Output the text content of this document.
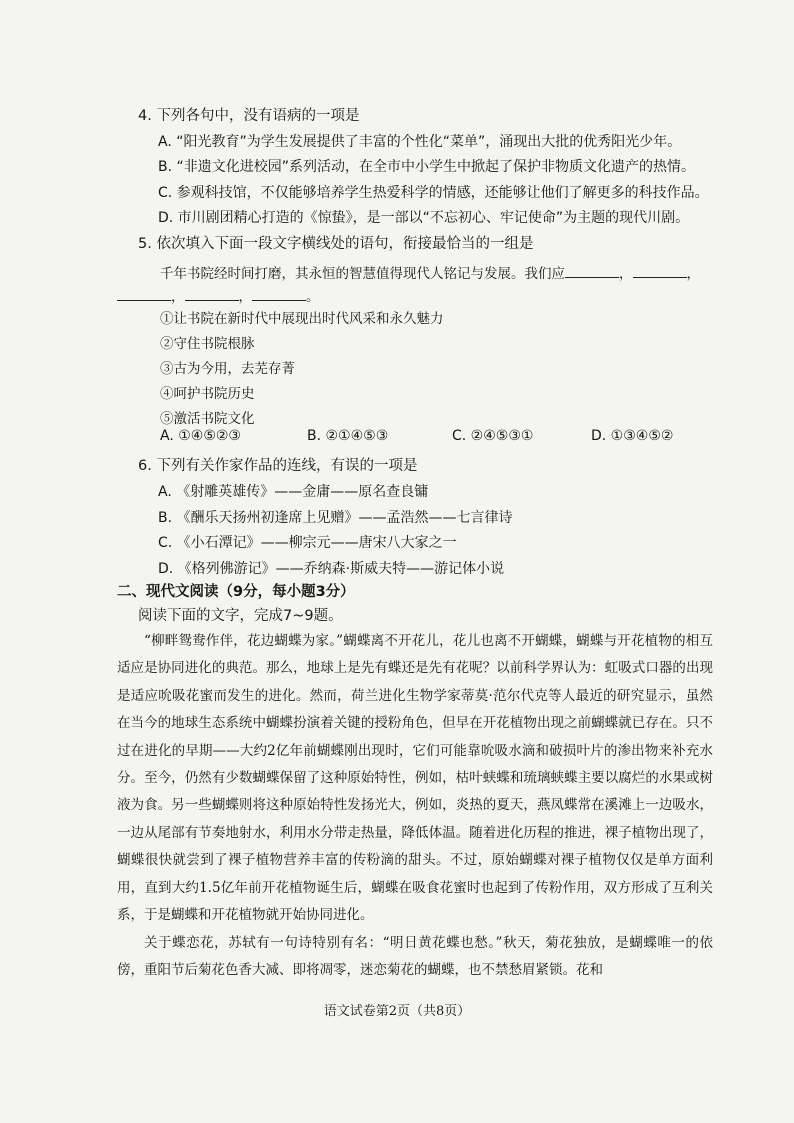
4. 下列各句中，没有语病的一项是
A. “阳光教育”为学生发展提供了丰富的个性化“菜单”，涌现出大批的优秀阳光少年。
B. “非遗文化进校园”系列活动，在全市中小学生中掀起了保护非物质文化遗产的热情。
C. 参观科技馆，不仅能够培养学生热爱科学的情感，还能够让他们了解更多的科技作品。
D. 市川剧团精心打造的《惊蛰》，是一部以“不忘初心、牢记使命”为主题的现代川剧。
5. 依次填入下面一段文字横线处的语句，衔接最恰当的一组是
千年书院经时间打磨，其永恒的智慧值得现代人铭记与发展。我们应	，	，
，	，	。
①让书院在新时代中展现出时代风采和永久魅力
②守住书院根脉
③古为今用，去芜存菁
④呵护书院历史
⑤激活书院文化
A. ①④⑤②③	B. ②①④⑤③	C. ②④⑤③①	D. ①③④⑤②
6. 下列有关作家作品的连线，有误的一项是
A. 《射雕英雄传》——金庸——原名查良镛
B. 《酬乐天扬州初逢席上见赠》——孟浩然——七言律诗
C. 《小石潭记》——柳宗元——唐宋八大家之一
D. 《格列佛游记》——乔纳森·斯威夫特——游记体小说
二、现代文阅读（9分，每小题3分）
阅读下面的文字，完成7~9题。
“柳畔鸳鸯作伴，花边蝴蝶为家。”蝴蝶离不开花儿，花儿也离不开蝴蝶，蝴蝶与开花植物的相互适应是协同进化的典范。那么，地球上是先有蝶还是先有花呢？以前科学界认为：虹吸式口器的出现是适应吮吸花蜜而发生的进化。然而，荷兰进化生物学家蒂莫·范尔代克等人最近的研究显示，虽然在当今的地球生态系统中蝴蝶扮演着关键的授粉角色，但早在开花植物出现之前蝴蝶就已存在。只不过在进化的早期——大约2亿年前蝴蝶刚出现时，它们可能靠吮吸水滴和破损叶片的渗出物来补充水分。至今，仍然有少数蝴蝶保留了这种原始特性，例如，枯叶蛱蝶和琉璃蛱蝶主要以腐烂的水果或树液为食。另一些蝴蝶则将这种原始特性发扬光大，例如，炎热的夏天，燕凤蝶常在溪滩上一边吸水，一边从尾部有节奏地射水，利用水分带走热量，降低体温。随着进化历程的推进，裸子植物出现了，蝴蝶很快就尝到了裸子植物营养丰富的传粉滴的甜头。不过，原始蝴蝶对裸子植物仅仅是单方面利用，直到大约1.5亿年前开花植物诞生后，蝴蝶在吸食花蜜时也起到了传粉作用，双方形成了互利关系，于是蝴蝶和开花植物就开始协同进化。
关于蝶恋花，苏轼有一句诗特别有名：“明日黄花蝶也愁。”秋天，菊花独放，是蝴蝶唯一的依傍，重阳节后菊花色香大减、即将凋零，迷恋菊花的蝴蝶，也不禁愁眉紧锁。花和
语文试卷第2页（共8页）
